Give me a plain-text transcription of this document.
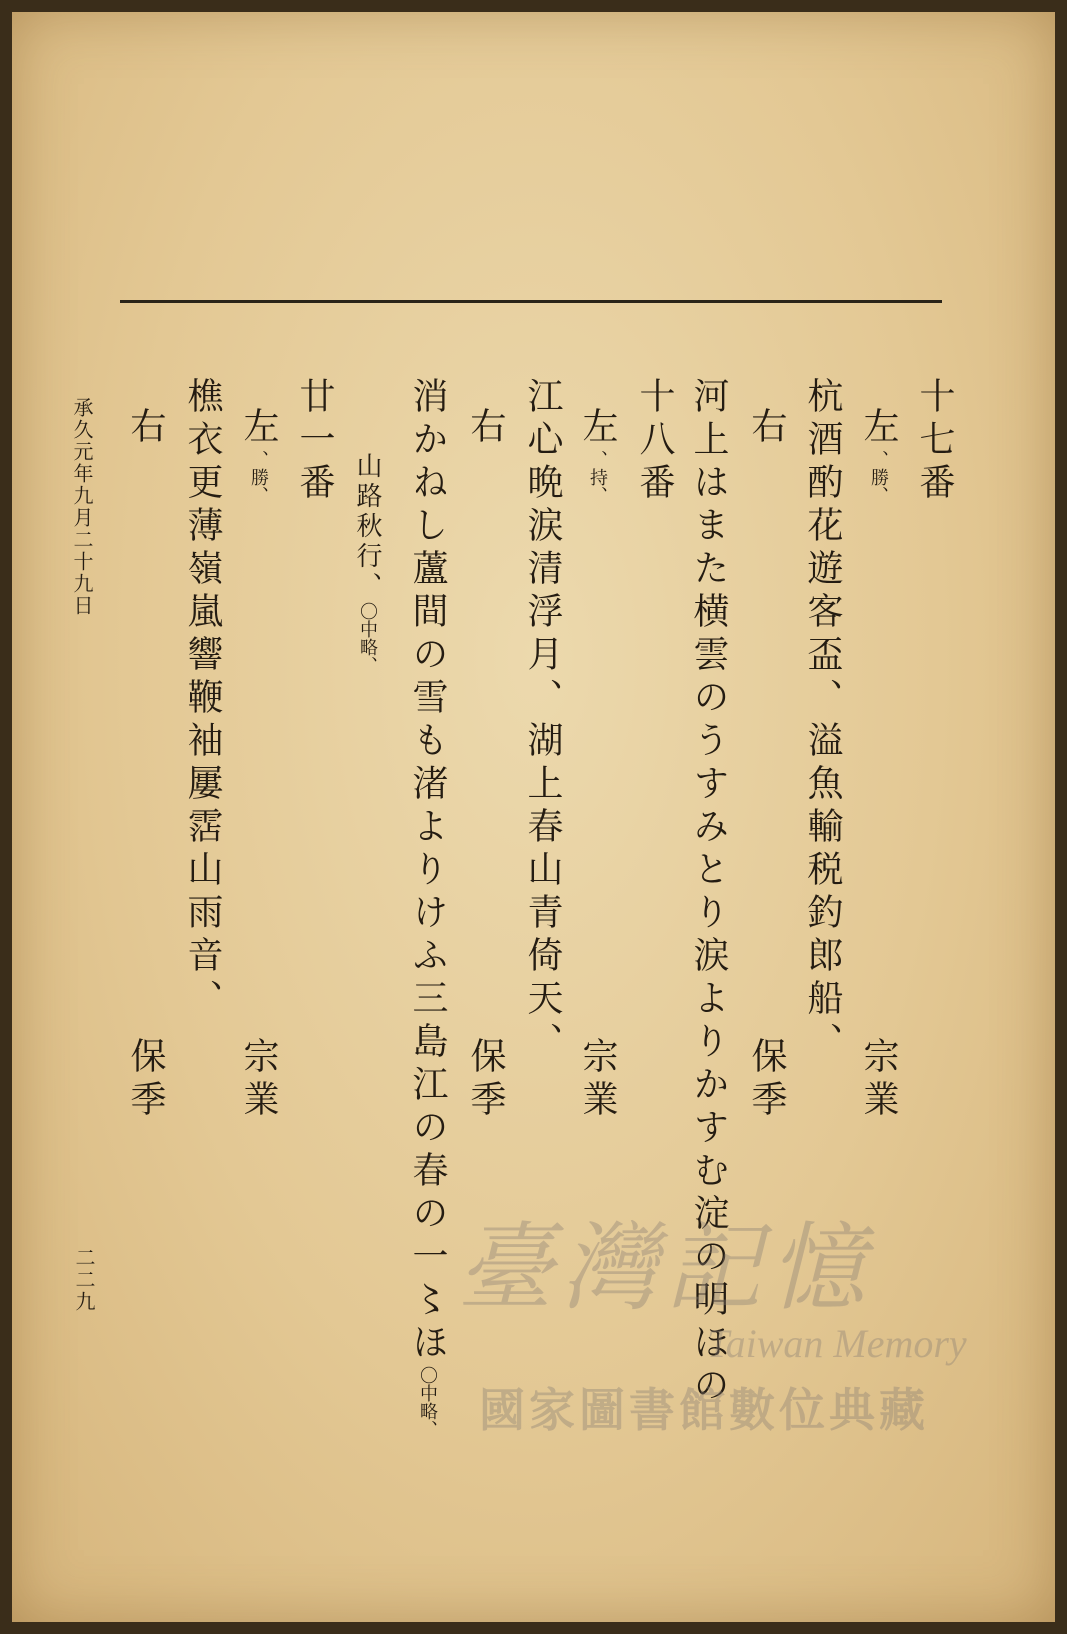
十七番
左、勝、
杭酒酌花遊客盃、溢魚輸税釣郎船、
右
河上はまた横雲のうすみとり涙よりかすむ淀の明ほの
十八番
左、持、
江心晩涙清浮月、湖上春山青倚天、
右
消かねし蘆間の雪も渚よりけふ三島江の春の一〻ほ〇中略、
山路秋行、〇中略、
廿一番
左、勝、
樵衣更薄嶺嵐響鞭袖屢霑山雨音、
右
承久元年九月二十九日
宗業
保季
宗業
保季
宗業
保季
二二九	臺灣記憶
Taiwan Memory
國家圖書館數位典藏
